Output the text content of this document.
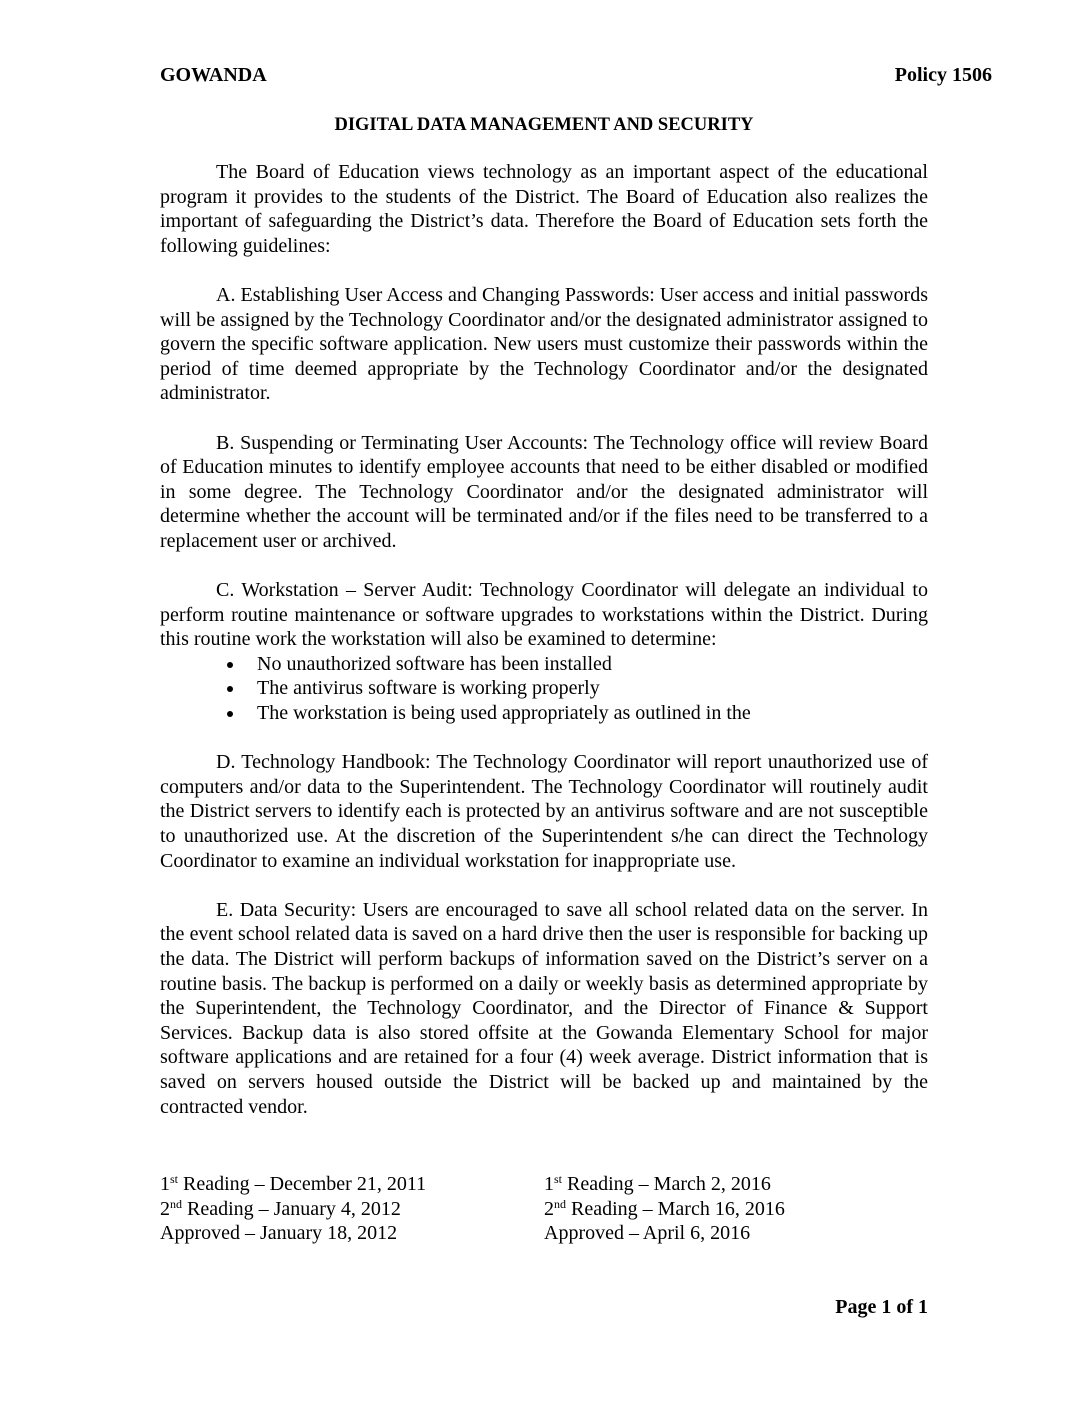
GOWANDA	Policy 1506
DIGITAL DATA MANAGEMENT AND SECURITY

The Board of Education views technology as an important aspect of the educational program it provides to the students of the District. The Board of Education also realizes the important of safeguarding the District’s data. Therefore the Board of Education sets forth the following guidelines:

A. Establishing User Access and Changing Passwords: User access and initial passwords will be assigned by the Technology Coordinator and/or the designated administrator assigned to govern the specific software application. New users must customize their passwords within the period of time deemed appropriate by the Technology Coordinator and/or the designated administrator.

B. Suspending or Terminating User Accounts: The Technology office will review Board of Education minutes to identify employee accounts that need to be either disabled or modified in some degree. The Technology Coordinator and/or the designated administrator will determine whether the account will be terminated and/or if the files need to be transferred to a replacement user or archived.

C. Workstation – Server Audit: Technology Coordinator will delegate an individual to perform routine maintenance or software upgrades to workstations within the District. During this routine work the workstation will also be examined to determine:

No unauthorized software has been installed
The antivirus software is working properly
The workstation is being used appropriately as outlined in the

D. Technology Handbook: The Technology Coordinator will report unauthorized use of computers and/or data to the Superintendent. The Technology Coordinator will routinely audit the District servers to identify each is protected by an antivirus software and are not susceptible to unauthorized use. At the discretion of the Superintendent s/he can direct the Technology Coordinator to examine an individual workstation for inappropriate use.

E. Data Security: Users are encouraged to save all school related data on the server. In the event school related data is saved on a hard drive then the user is responsible for backing up the data. The District will perform backups of information saved on the District’s server on a routine basis. The backup is performed on a daily or weekly basis as determined appropriate by the Superintendent, the Technology Coordinator, and the Director of Finance & Support Services. Backup data is also stored offsite at the Gowanda Elementary School for major software applications and are retained for a four (4) week average. District information that is saved on servers housed outside the District will be backed up and maintained by the contracted vendor.

1st Reading – December 21, 2011
2nd Reading – January 4, 2012
Approved – January 18, 2012
1st Reading – March 2, 2016
2nd Reading – March 16, 2016
Approved – April 6, 2016
Page 1 of 1
